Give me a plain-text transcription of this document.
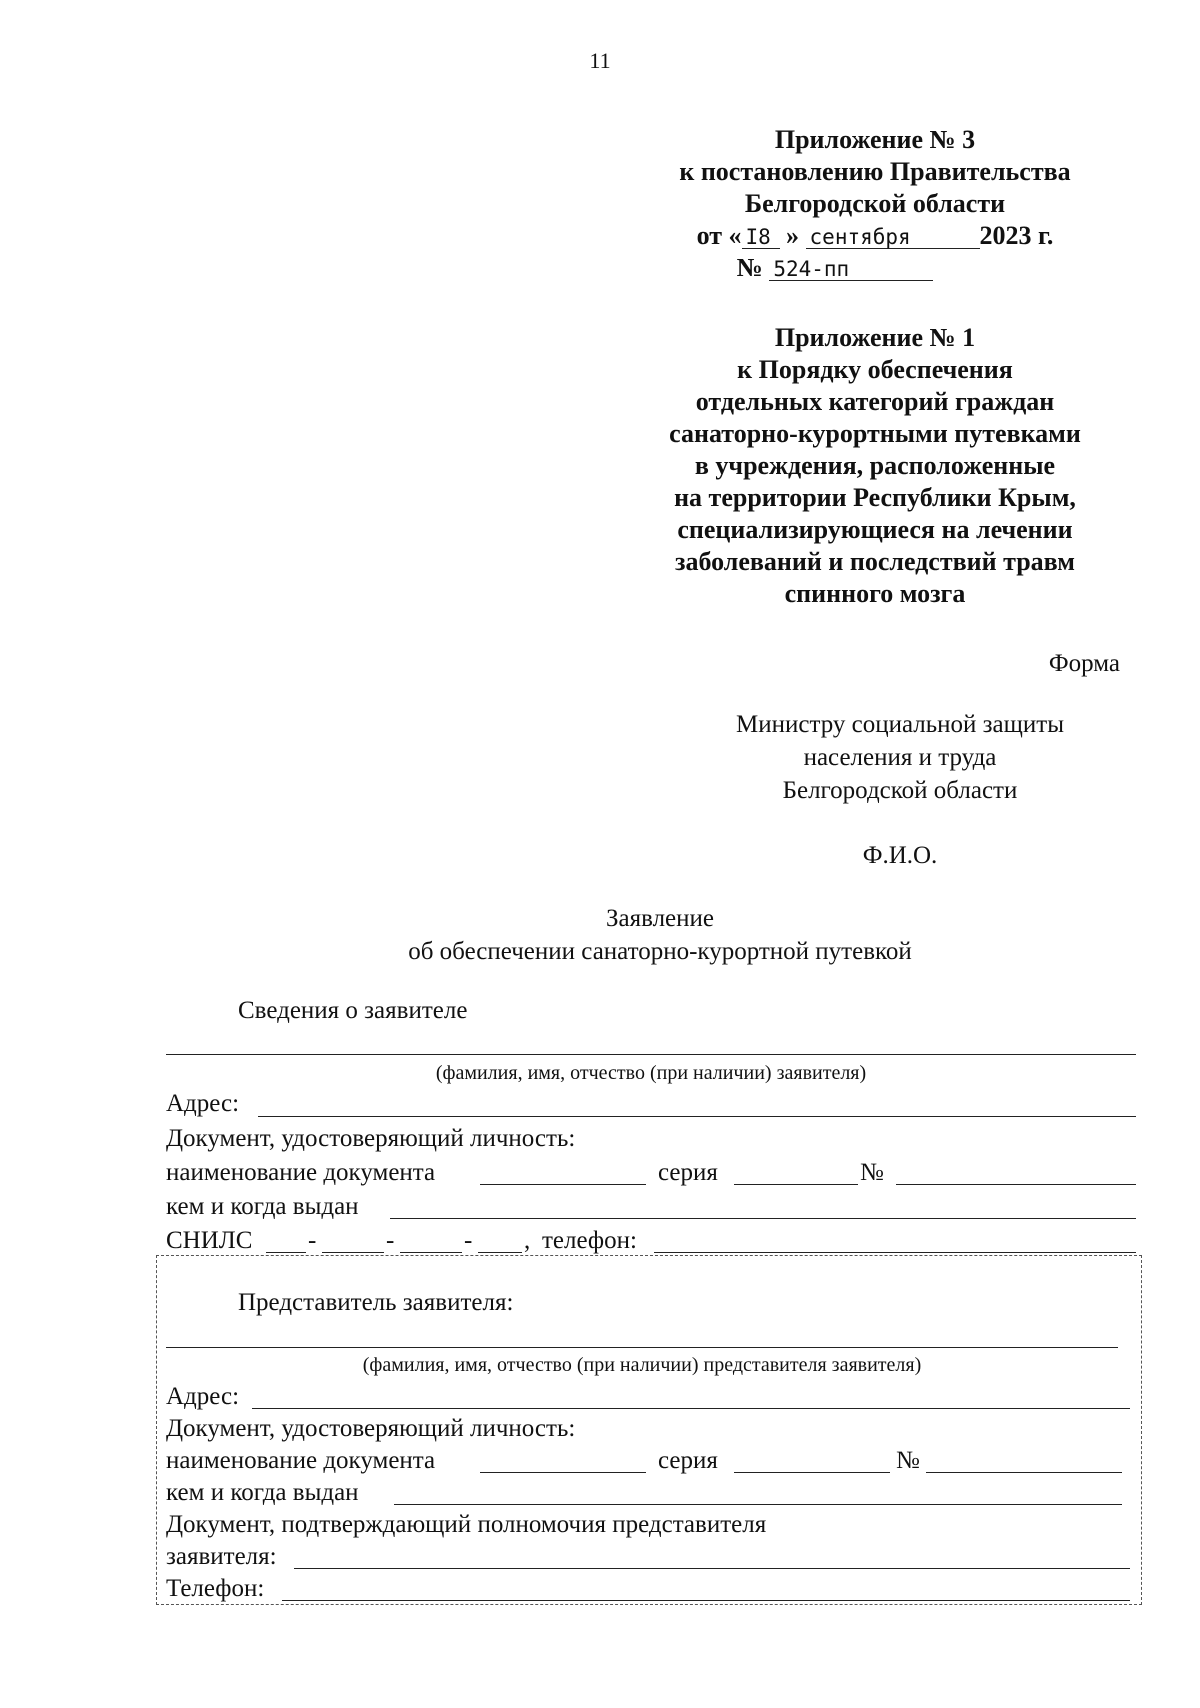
11
Приложение № 3
к постановлению Правительства
Белгородской области
от « I8 » сентября	2023 г.
№ 524-пп
Приложение № 1
к Порядку обеспечения
отдельных категорий граждан
санаторно-курортными путевками
в учреждения, расположенные
на территории Республики Крым,
специализирующиеся на лечении
заболеваний и последствий травм
спинного мозга
Форма
Министру социальной защиты
населения и труда
Белгородской области
Ф.И.О.
Заявление
об обеспечении санаторно-курортной путевкой
Сведения о заявителе
(фамилия, имя, отчество (при наличии) заявителя)
Адрес:
Документ, удостоверяющий личность:
наименование документа	серия	№
кем и когда выдан
СНИЛС -	-	- , телефон:
Представитель заявителя:
(фамилия, имя, отчество (при наличии) представителя заявителя)
Адрес:
Документ, удостоверяющий личность:
наименование документа	серия	№
кем и когда выдан
Документ, подтверждающий полномочия представителя
заявителя:
Телефон:
